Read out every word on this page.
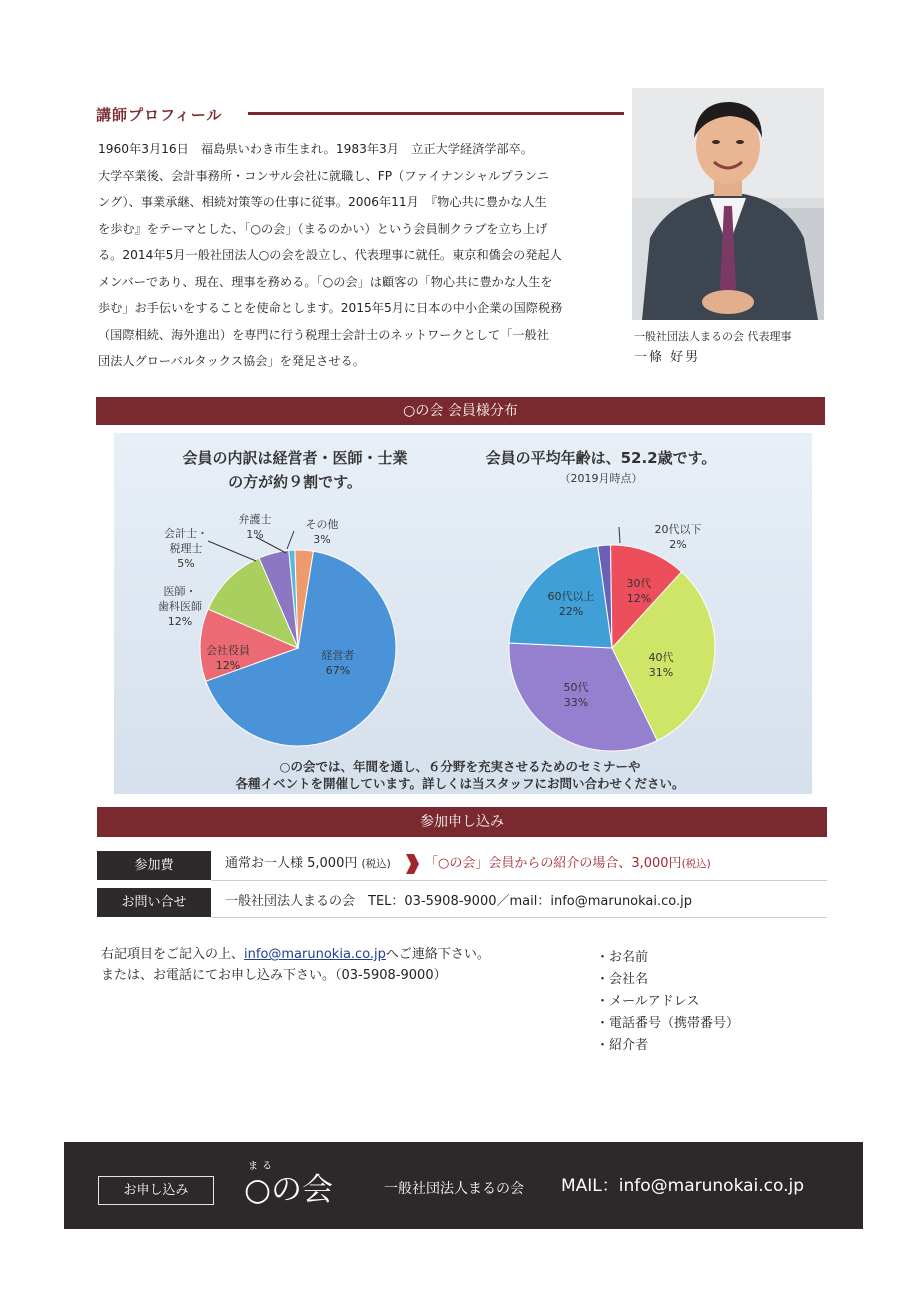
講師プロフィール

1960年3月16日　福島県いわき市生まれ。1983年3月　立正大学経済学部卒。

大学卒業後、会計事務所・コンサル会社に就職し、FP（ファイナンシャルプランニ

ング）、事業承継、相続対策等の仕事に従事。2006年11月　『物心共に豊かな人生

を歩む』をテーマとした、「○の会」（まるのかい）という会員制クラブを立ち上げ

る。2014年5月一般社団法人○の会を設立し、代表理事に就任。東京和僑会の発起人

メンバーであり、現在、理事を務める。「○の会」は顧客の「物心共に豊かな人生を

歩む」お手伝いをすることを使命とします。2015年5月に日本の中小企業の国際税務

（国際相続、海外進出）を専門に行う税理士会計士のネットワークとして「一般社

団法人グローバルタックス協会」を発足させる。

一般社団法人まるの会 代表理事
一條 好男
○の会 会員様分布
会員の内訳は経営者・医師・士業
の方が約９割です。
会員の平均年齢は、52.2歳です。
（2019月時点）
経営者
67%
会社役員
12%
医師・
歯科医師
12%
会計士・
税理士
5%
弁護士
1%
その他
3%
20代以下
2%
30代
12%
40代
31%
50代
33%
60代以上
22%
○の会では、年間を通し、６分野を充実させるためのセミナーや
各種イベントを開催しています。詳しくは当スタッフにお問い合わせください。
参加申し込み
参加費	通常お一人様 5,000円 (税込)	「○の会」会員からの紹介の場合、3,000円(税込)
お問い合せ	一般社団法人まるの会　TEL：03-5908-9000／mail：info@marunokai.co.jp
右記項目をご記入の上、info@marunokia.co.jpへご連絡下さい。
または、お電話にてお申し込み下さい。（03-5908-9000）
・お名前
・会社名
・メールアドレス
・電話番号（携帯番号）
・紹介者
お申し込み
まる
○の会	一般社団法人まるの会 MAIL：info@marunokai.co.jp
